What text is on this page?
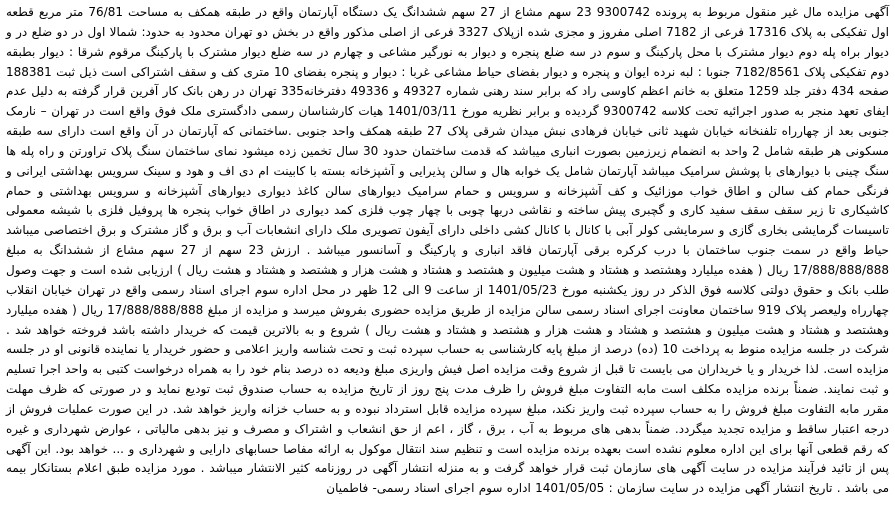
آگهی مزایده مال غیر منقول مربوط به پرونده 9300742 23 سهم مشاع از 27 سهم ششدانگ یک دستگاه آپارتمان واقع در طبقه همکف به مساحت 76/81 متر مربع قطعه اول تفکیکی به پلاک 17316 فرعی از 7182 اصلی مفروز و مجزی شده ازپلاک 3327 فرعی از اصلی مذکور واقع در بخش دو تهران محدود به حدود: شمالا اول در دو ضلع در و دیوار براه پله دوم دیوار مشترک با محل پارکینگ و سوم در سه ضلع پنجره و دیوار به نورگیر مشاعی و چهارم در سه ضلع دیوار مشترک با پارکینگ مرقوم شرقا : دیوار بطبقه دوم تفکیکی پلاک 7182/8561 جنوبا : لبه نرده ایوان و پنجره و دیوار بفضای حیاط مشاعی غربا : دیوار و پنجره بفضای 10 متری کف و سقف اشتراکی است ذیل ثبت 188381 صفحه 434 دفتر جلد 1259 متعلق به خانم اعظم کاوسی راد که برابر سند رهنی شماره 49327 و 49336 دفترخانه335 تهران در رهن بانک کار آفرین قرار گرفته به دلیل عدم ایفای تعهد منجر به صدور اجرائیه تحت کلاسه 9300742 گردیده و برابر نظریه مورخ 1401/03/11 هیات کارشناسان رسمی دادگستری ملک فوق واقع است در تهران – نارمک جنوبی بعد از چهارراه تلفنخانه خیابان شهید ثانی خیابان فرهادی نبش میدان شرقی پلاک 27 طبقه همکف واحد جنوبی .ساختمانی که آپارتمان در آن واقع است دارای سه طبقه مسکونی هر طبقه شامل 2 واحد به انضمام زیرزمین بصورت انباری میباشد که قدمت ساختمان حدود 30 سال تخمین زده میشود نمای ساختمان سنگ پلاک تراورتن و راه پله ها سنگ چینی با دیوارهای با پوشش سرامیک میباشد آپارتمان شامل یک خوابه هال و سالن پذیرایی و آشپزخانه بسته با کابینت ام دی اف و هود و سینک سرویس بهداشتی ایرانی و فرنگی حمام کف سالن و اطاق خواب موزائیک و کف آشپزخانه و سرویس و حمام سرامیک دیوارهای سالن کاغذ دیواری دیوارهای آشپزخانه و سرویس بهداشتی و حمام کاشیکاری تا زیر سقف سقف سفید کاری و گچبری پیش ساخته و نقاشی دربها چوبی با چهار چوب فلزی کمد دیواری در اطاق خواب پنجره ها پروفیل فلزی با شیشه معمولی تاسیسات گرمایشی بخاری گازی و سرمایشی کولر آبی با کانال با کانال کشی داخلی دارای آیفون تصویری ملک دارای انشعابات آب و برق و گاز مشترک و برق اختصاصی میباشد حیاط واقع در سمت جنوب ساختمان با درب کرکره برقی آپارتمان فاقد انباری و پارکینگ و آسانسور میباشد . ارزش 23 سهم از 27 سهم مشاع از ششدانگ به مبلغ 17/888/888/888 ریال ( هفده میلیارد وهشتصد و هشتاد و هشت میلیون و هشتصد و هشتاد و هشت هزار و هشتصد و هشتاد و هشت ریال ) ارزیابی شده است و جهت وصول طلب بانک و حقوق دولتی کلاسه فوق الذکر در روز یکشنبه مورخ 1401/05/23 از ساعت 9 الی 12 ظهر در محل اداره سوم اجرای اسناد رسمی واقع در تهران خیابان انقلاب چهارراه ولیعصر پلاک 919 ساختمان معاونت اجرای اسناد رسمی سالن مزایده از طریق مزایده حضوری بفروش میرسد و مزایده از مبلغ 17/888/888/888 ریال ( هفده میلیارد وهشتصد و هشتاد و هشت میلیون و هشتصد و هشتاد و هشت هزار و هشتصد و هشتاد و هشت ریال ) شروع و به بالاترین قیمت که خریدار داشته باشد فروخته خواهد شد . شرکت در جلسه مزایده منوط به پرداخت 10 (ده) درصد از مبلغ پایه کارشناسی به حساب سپرده ثبت و تحت شناسه واریز اعلامی و حضور خریدار یا نماینده قانونی او در جلسه مزایده است. لذا خریدار و یا خریداران می بایست تا قبل از شروع وقت مزایده اصل فیش واریزی مبلغ ودیعه ده درصد بنام خود را به همراه درخواست کتبی به واحد اجرا تسلیم و ثبت نمایند. ضمناً برنده مزایده مکلف است مابه التفاوت مبلغ فروش را ظرف مدت پنج روز از تاریخ مزایده به حساب صندوق ثبت تودیع نماید و در صورتی که ظرف مهلت مقرر مابه التفاوت مبلغ فروش را به حساب سپرده ثبت واریز نکند، مبلغ سپرده مزایده قابل استرداد نبوده و به حساب خزانه واریز خواهد شد. در این صورت عملیات فروش از درجه اعتبار ساقط و مزایده تجدید میگردد. ضمناً بدهی های مربوط به آب ، برق ، گاز ، اعم از حق انشعاب و اشتراک و مصرف و نیز بدهی مالیاتی ، عوارض شهرداری و غیره که رقم قطعی آنها برای این اداره معلوم نشده است بعهده برنده مزایده است و تنظیم سند انتقال موکول به ارائه مفاصا حسابهای دارایی و شهرداری و ... خواهد بود. این آگهی پس از تائید فرآیند مزایده در سایت آگهی های سازمان ثبت قرار خواهد گرفت و به منزله انتشار آگهی در روزنامه کثیر الانتشار میباشد . مورد مزایده طبق اعلام بستانکار بیمه می باشد . تاریخ انتشار آگهی مزایده در سایت سازمان : 1401/05/05 اداره سوم اجرای اسناد رسمی- فاطمیان
